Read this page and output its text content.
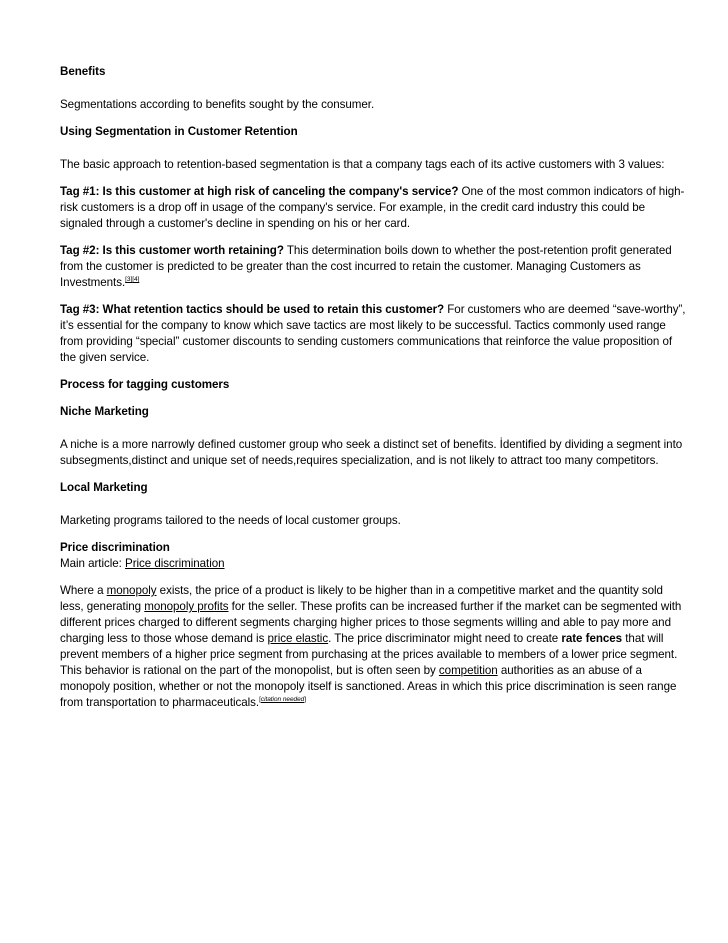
Benefits

Segmentations according to benefits sought by the consumer.

Using Segmentation in Customer Retention

The basic approach to retention-based segmentation is that a company tags each of its active customers with 3 values:

Tag #1: Is this customer at high risk of canceling the company's service? One of the most common indicators of high-risk customers is a drop off in usage of the company's service. For example, in the credit card industry this could be signaled through a customer's decline in spending on his or her card.

Tag #2: Is this customer worth retaining? This determination boils down to whether the post-retention profit generated from the customer is predicted to be greater than the cost incurred to retain the customer. Managing Customers as Investments.[3][4]

Tag #3: What retention tactics should be used to retain this customer? For customers who are deemed “save-worthy”, it’s essential for the company to know which save tactics are most likely to be successful. Tactics commonly used range from providing “special” customer discounts to sending customers communications that reinforce the value proposition of the given service.

Process for tagging customers

Niche Marketing

A niche is a more narrowly defined customer group who seek a distinct set of benefits. İdentified by dividing a segment into subsegments,distinct and unique set of needs,requires specialization, and is not likely to attract too many competitors.

Local Marketing

Marketing programs tailored to the needs of local customer groups.

Price discrimination

Main article: Price discrimination

Where a monopoly exists, the price of a product is likely to be higher than in a competitive market and the quantity sold less, generating monopoly profits for the seller. These profits can be increased further if the market can be segmented with different prices charged to different segments charging higher prices to those segments willing and able to pay more and charging less to those whose demand is price elastic. The price discriminator might need to create rate fences that will prevent members of a higher price segment from purchasing at the prices available to members of a lower price segment. This behavior is rational on the part of the monopolist, but is often seen by competition authorities as an abuse of a monopoly position, whether or not the monopoly itself is sanctioned. Areas in which this price discrimination is seen range from transportation to pharmaceuticals.[citation needed]
